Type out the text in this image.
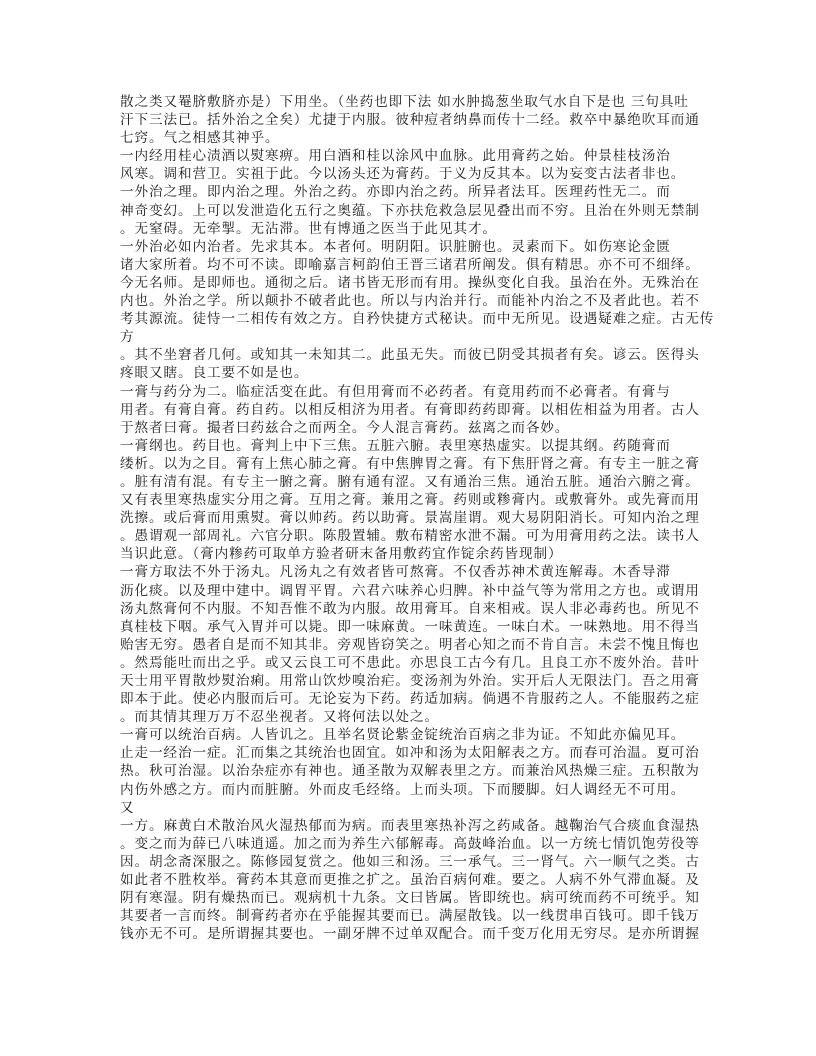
散之类又罨脐敷脐亦是）下用坐。（坐药也即下法 如水肿捣葱坐取气水自下是也 三句具吐
汗下三法已。括外治之全矣）尤捷于内服。彼种痘者纳鼻而传十二经。救卒中暴绝吹耳而通
七窍。气之相感其神乎。
一内经用桂心渍酒以熨寒痹。用白酒和桂以涂风中血脉。此用膏药之始。仲景桂枝汤治
风寒。调和营卫。实祖于此。今以汤头还为膏药。于义为反其本。以为妄变古法者非也。
一外治之理。即内治之理。外治之药。亦即内治之药。所异者法耳。医理药性无二。而
神奇变幻。上可以发泄造化五行之奥蕴。下亦扶危救急层见叠出而不穷。且治在外则无禁制
。无窒碍。无牵掣。无沾滞。世有博通之医当于此见其才。
一外治必如内治者。先求其本。本者何。明阴阳。识脏腑也。灵素而下。如伤寒论金匮
诸大家所着。均不可不读。即喻嘉言柯韵伯王晋三诸君所阐发。俱有精思。亦不可不细绎。
今无名师。是即师也。通彻之后。诸书皆无形而有用。操纵变化自我。虽治在外。无殊治在
内也。外治之学。所以颠扑不破者此也。所以与内治并行。而能补内治之不及者此也。若不
考其源流。徒恃一二相传有效之方。自矜快捷方式秘诀。而中无所见。设遇疑难之症。古无传
方
。其不坐窘者几何。或知其一未知其二。此虽无失。而彼已阴受其损者有矣。谚云。医得头
疼眼又瞎。良工要不如是也。
一膏与药分为二。临症活变在此。有但用膏而不必药者。有竟用药而不必膏者。有膏与
用者。有膏自膏。药自药。以相反相济为用者。有膏即药药即膏。以相佐相益为用者。古人
于熬者曰膏。撮者曰药兹合之而两全。今人混言膏药。兹离之而各妙。
一膏纲也。药目也。膏判上中下三焦。五脏六腑。表里寒热虚实。以提其纲。药随膏而
缕析。以为之目。膏有上焦心肺之膏。有中焦脾胃之膏。有下焦肝肾之膏。有专主一脏之膏
。脏有清有混。有专主一腑之膏。腑有通有涩。又有通治三焦。通治五脏。通治六腑之膏。
又有表里寒热虚实分用之膏。互用之膏。兼用之膏。药则或糁膏内。或敷膏外。或先膏而用
洗擦。或后膏而用熏熨。膏以帅药。药以助膏。景嵩崖谓。观大易阴阳消长。可知内治之理
。愚谓观一部周礼。六官分职。陈殷置辅。敷布精密水泄不漏。可为用膏用药之法。读书人
当识此意。（膏内糁药可取单方验者研末备用敷药宜作锭余药皆现制）
一膏方取法不外于汤丸。凡汤丸之有效者皆可熬膏。不仅香苏神术黄连解毒。木香导滞
沥化痰。以及理中建中。调胃平胃。六君六味养心归脾。补中益气等为常用之方也。或谓用
汤丸熬膏何不内服。不知吾惟不敢为内服。故用膏耳。自来相戒。误人非必毒药也。所见不
真桂枝下咽。承气入胃并可以毙。即一味麻黄。一味黄连。一味白术。一味熟地。用不得当
贻害无穷。愚者自是而不知其非。旁观皆窃笑之。明者心知之而不肯自言。未尝不愧且悔也
。然焉能吐而出之乎。或又云良工可不患此。亦思良工古今有几。且良工亦不废外治。昔叶
天士用平胃散炒熨治痢。用常山饮炒嗅治疟。变汤剂为外治。实开后人无限法门。吾之用膏
即本于此。使必内服而后可。无论妄为下药。药适加病。倘遇不肯服药之人。不能服药之症
。而其情其理万万不忍坐视者。又将何法以处之。
一膏可以统治百病。人皆讥之。且举名贤论紫金锭统治百病之非为证。不知此亦偏见耳。
止走一经治一症。汇而集之其统治也固宜。如冲和汤为太阳解表之方。而春可治温。夏可治
热。秋可治湿。以治杂症亦有神也。通圣散为双解表里之方。而兼治风热燥三症。五积散为
内伤外感之方。而内而脏腑。外而皮毛经络。上而头项。下而腰脚。妇人调经无不可用。
又
一方。麻黄白术散治风火湿热郁而为病。而表里寒热补泻之药咸备。越鞠治气合痰血食湿热
。变之而为薛已八味逍遥。加之而为养生六郁解毒。高鼓峰治血。以一方统七情饥饱劳役等
因。胡念斋深服之。陈修园复赏之。他如三和汤。三一承气。三一肾气。六一顺气之类。古
如此者不胜枚举。膏药本其意而更推之扩之。虽治百病何难。要之。人病不外气滞血凝。及
阴有寒湿。阴有燥热而已。观病机十九条。文曰皆属。皆即统也。病可统而药不可统乎。知
其要者一言而终。制膏药者亦在乎能握其要而已。满屋散钱。以一线贯串百钱可。即千钱万
钱亦无不可。是所谓握其要也。一副牙牌不过单双配合。而千变万化用无穷尽。是亦所谓握
